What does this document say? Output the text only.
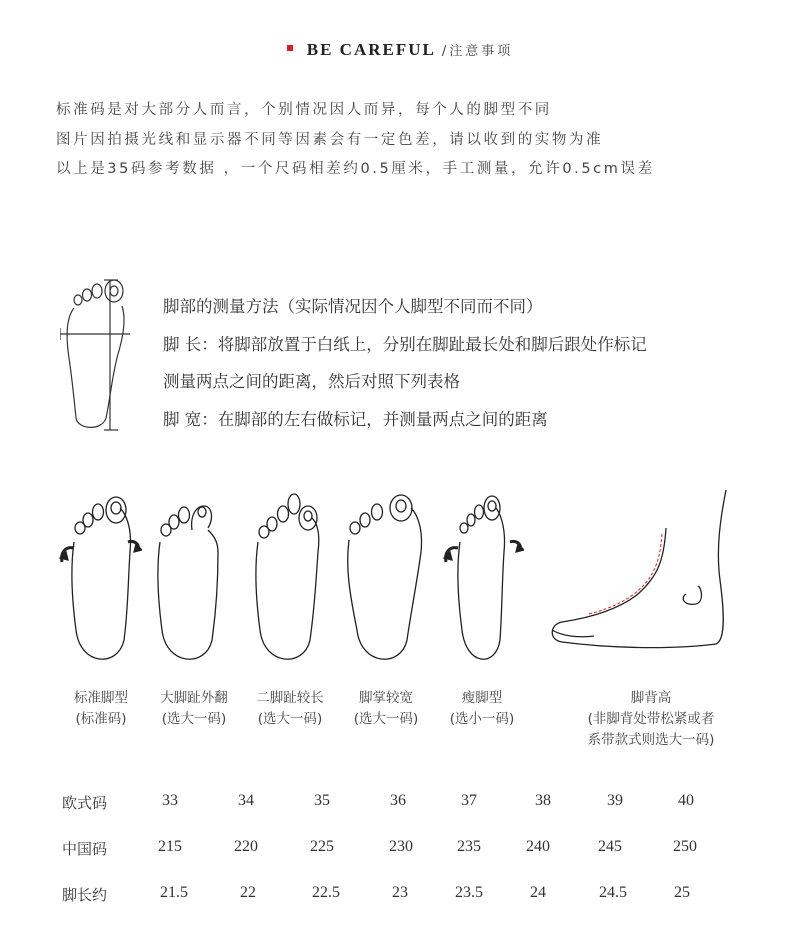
BE CAREFUL /注意事项
标准码是对大部分人而言，个别情况因人而异，每个人的脚型不同
图片因拍摄光线和显示器不同等因素会有一定色差，请以收到的实物为准
以上是35码参考数据 ，一个尺码相差约0.5厘米，手工测量，允许0.5cm误差
脚部的测量方法（实际情况因个人脚型不同而不同）
脚 长：将脚部放置于白纸上，分别在脚趾最长处和脚后跟处作标记
测量两点之间的距离，然后对照下列表格
脚 宽：在脚部的左右做标记，并测量两点之间的距离
标准脚型
(标准码)
大脚趾外翻
(选大一码)
二脚趾较长
(选大一码)
脚掌较宽
(选大一码)
瘦脚型
(选小一码)
脚背高
(非脚背处带松紧或者
系带款式则选大一码)
欧式码	33	34	35	36	37	38	39	40
中国码	215	220	225	230	235	240	245	250
脚长约	21.5	22	22.5	23	23.5	24	24.5	25
